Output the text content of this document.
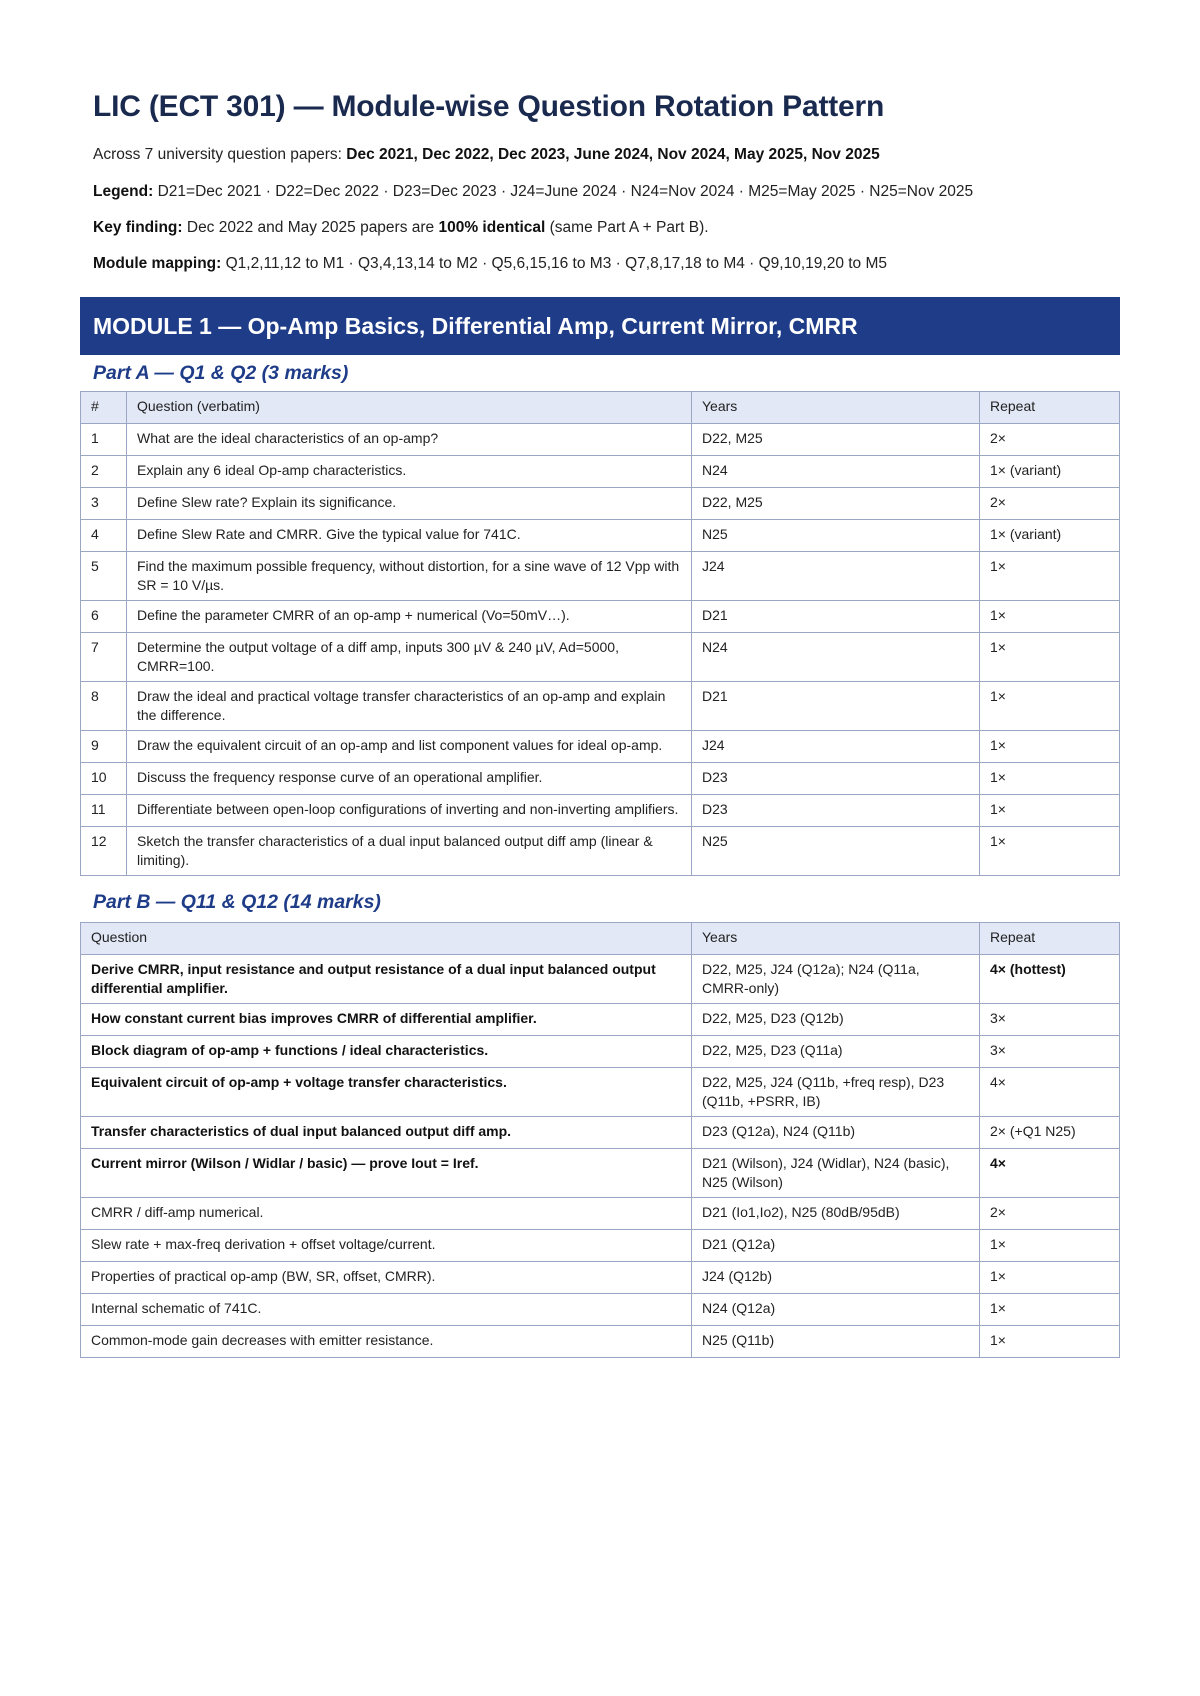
LIC (ECT 301) — Module-wise Question Rotation Pattern

Across 7 university question papers: Dec 2021, Dec 2022, Dec 2023, June 2024, Nov 2024, May 2025, Nov 2025

Legend: D21=Dec 2021 · D22=Dec 2022 · D23=Dec 2023 · J24=June 2024 · N24=Nov 2024 · M25=May 2025 · N25=Nov 2025

Key finding: Dec 2022 and May 2025 papers are 100% identical (same Part A + Part B).

Module mapping: Q1,2,11,12 to M1 · Q3,4,13,14 to M2 · Q5,6,15,16 to M3 · Q7,8,17,18 to M4 · Q9,10,19,20 to M5

MODULE 1 — Op-Amp Basics, Differential Amp, Current Mirror, CMRR
Part A — Q1 & Q2 (3 marks)
#	Question (verbatim)	Years	Repeat
1	What are the ideal characteristics of an op-amp?	D22, M25	2×
2	Explain any 6 ideal Op-amp characteristics.	N24	1× (variant)
3	Define Slew rate? Explain its significance.	D22, M25	2×
4	Define Slew Rate and CMRR. Give the typical value for 741C.	N25	1× (variant)
5	Find the maximum possible frequency, without distortion, for a sine wave of 12 Vpp with SR = 10 V/µs.	J24	1×
6	Define the parameter CMRR of an op-amp + numerical (Vo=50mV…).	D21	1×
7	Determine the output voltage of a diff amp, inputs 300 µV & 240 µV, Ad=5000, CMRR=100.	N24	1×
8	Draw the ideal and practical voltage transfer characteristics of an op-amp and explain the difference.	D21	1×
9	Draw the equivalent circuit of an op-amp and list component values for ideal op-amp.	J24	1×
10	Discuss the frequency response curve of an operational amplifier.	D23	1×
11	Differentiate between open-loop configurations of inverting and non-inverting amplifiers.	D23	1×
12	Sketch the transfer characteristics of a dual input balanced output diff amp (linear & limiting).	N25	1×
Part B — Q11 & Q12 (14 marks)
Question	Years	Repeat
Derive CMRR, input resistance and output resistance of a dual input balanced output differential amplifier.	D22, M25, J24 (Q12a); N24 (Q11a, CMRR-only)	4× (hottest)
How constant current bias improves CMRR of differential amplifier.	D22, M25, D23 (Q12b)	3×
Block diagram of op-amp + functions / ideal characteristics.	D22, M25, D23 (Q11a)	3×
Equivalent circuit of op-amp + voltage transfer characteristics.	D22, M25, J24 (Q11b, +freq resp), D23 (Q11b, +PSRR, IB)	4×
Transfer characteristics of dual input balanced output diff amp.	D23 (Q12a), N24 (Q11b)	2× (+Q1 N25)
Current mirror (Wilson / Widlar / basic) — prove Iout = Iref.	D21 (Wilson), J24 (Widlar), N24 (basic), N25 (Wilson)	4×
CMRR / diff-amp numerical.	D21 (Io1,Io2), N25 (80dB/95dB)	2×
Slew rate + max-freq derivation + offset voltage/current.	D21 (Q12a)	1×
Properties of practical op-amp (BW, SR, offset, CMRR).	J24 (Q12b)	1×
Internal schematic of 741C.	N24 (Q12a)	1×
Common-mode gain decreases with emitter resistance.	N25 (Q11b)	1×
